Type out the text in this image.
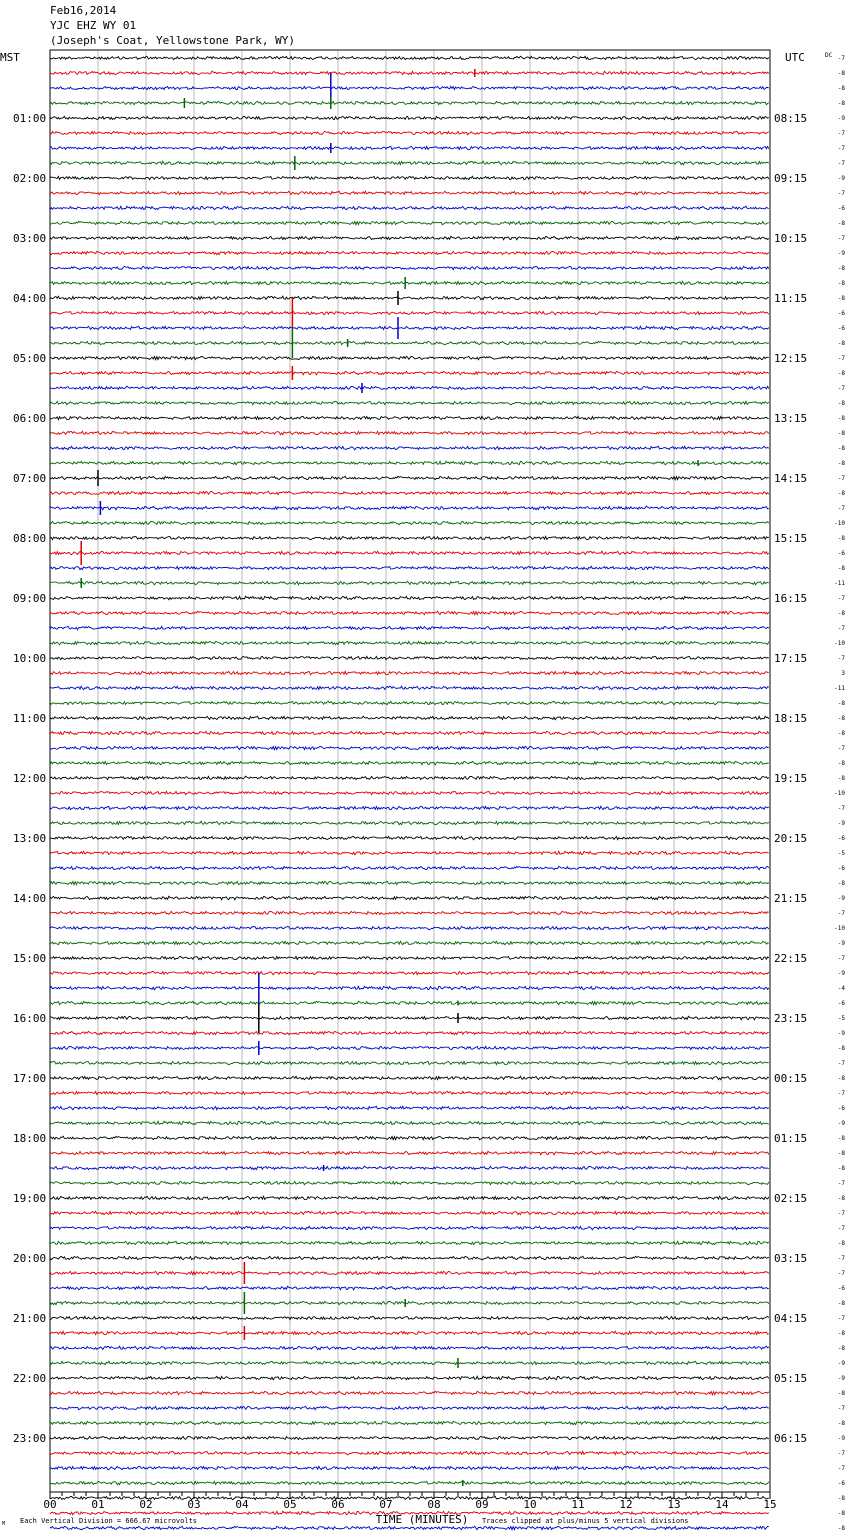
Feb16,2014
YJC EHZ WY 01
(Joseph's Coat, Yellowstone Park, WY)
00	01	02	03	04	05	06	07	08	09	10	11	12	13	14	15
01:00
02:00
03:00
04:00
05:00
06:00
07:00
08:00
09:00
10:00
11:00
12:00
13:00
14:00
15:00
16:00
17:00
18:00
19:00
20:00
21:00
22:00
23:00
08:15
09:15
10:15
11:15
12:15
13:15
14:15
15:15
16:15
17:15
18:15
19:15
20:15
21:15
22:15
23:15
00:15
01:15
02:15
03:15
04:15
05:15
06:15
-7
-8
-8
-8
-9
-7
-7
-7
-9
-7
-6
-8
-7
-9
-8
-8
-8
-6
-6
-8
-7
-8
-7
-8
-8
-8
-8
-8
-7
-8
-7
-10
-8
-6
-8
-11
-7
-8
-7
-10
-7
3
-11
-8
-8
-8
-7
-8
-8
-10
-7
-9
-6
-5
-6
-8
-9
-7
-10
-9
-7
-9
-4
-6
-5
-9
-8
-7
-8
-7
-6
-9
-8
-8
-8
-7
-8
-7
-7
-8
-7
-7
-6
-8
-7
-8
-8
-9
-9
-8
-7
-8
-9
-7
-7
-6
-8
-8
-8
TIME (MINUTES)
Each Vertical Division = 666.67 microvolts	Traces clipped at plus/minus 5 vertical divisions
M
MST	UTC	DC
